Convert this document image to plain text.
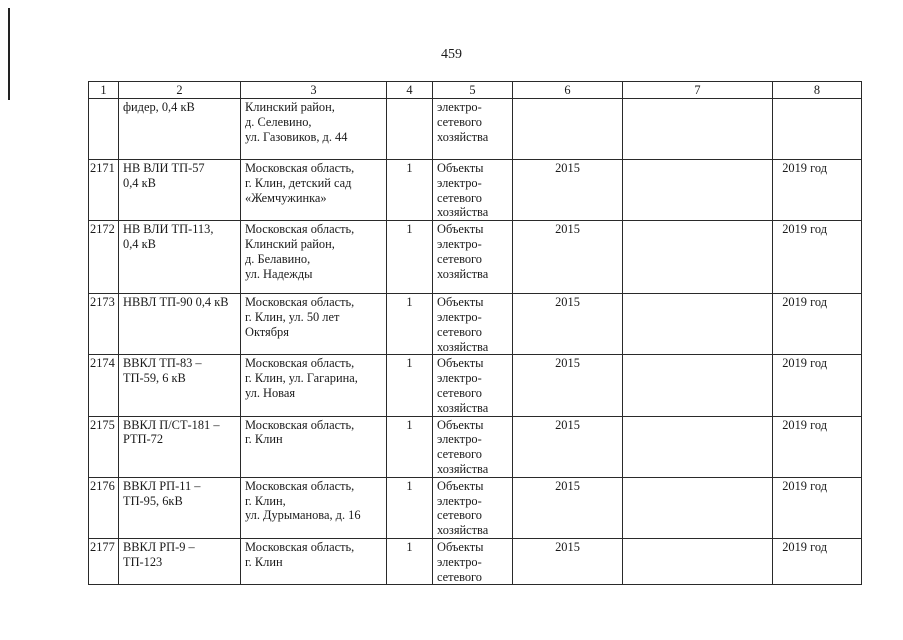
459
1	2	3	4	5	6	7	8

	фидер, 0,4 кВ	Клинский район,
д. Селевино,
ул. Газовиков, д. 44		электро-
сетевого
хозяйства			

2171	НВ ВЛИ ТП-57
0,4 кВ	Московская область,
г. Клин, детский сад
«Жемчужинка»	1	Объекты
электро-
сетевого
хозяйства	2015		2019 год
2172	НВ ВЛИ ТП-113,
0,4 кВ	Московская область,
Клинский район,
д. Белавино,
ул. Надежды	1	Объекты
электро-
сетевого
хозяйства	2015		2019 год
2173	НВВЛ ТП-90 0,4 кВ	Московская область,
г. Клин, ул. 50 лет
Октября	1	Объекты
электро-
сетевого
хозяйства	2015		2019 год
2174	ВВКЛ ТП-83 –
ТП-59, 6 кВ	Московская область,
г. Клин, ул. Гагарина,
ул. Новая	1	Объекты
электро-
сетевого
хозяйства	2015		2019 год
2175	ВВКЛ П/СТ-181 –
РТП-72	Московская область,
г. Клин	1	Объекты
электро-
сетевого
хозяйства	2015		2019 год
2176	ВВКЛ РП-11 –
ТП-95, 6кВ	Московская область,
г. Клин,
ул. Дурыманова, д. 16	1	Объекты
электро-
сетевого
хозяйства	2015		2019 год
2177	ВВКЛ РП-9 –
ТП-123	Московская область,
г. Клин	1	Объекты
электро-
сетевого	2015		2019 год
